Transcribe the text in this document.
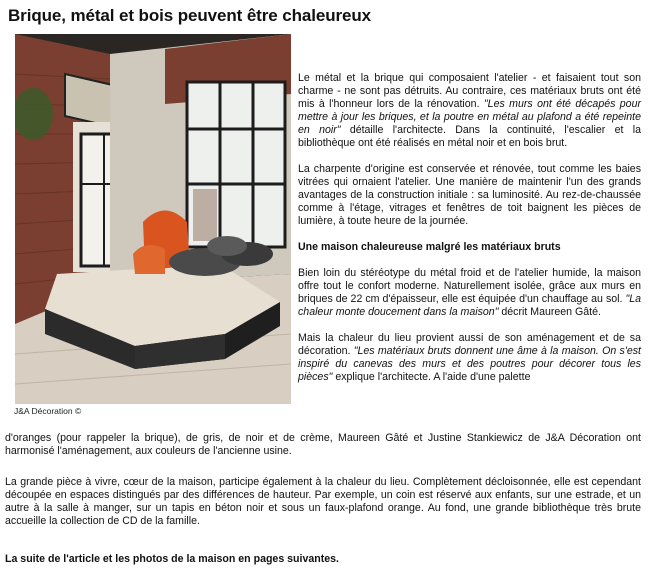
Brique, métal et bois peuvent être chaleureux
J&A Décoration ©

Le métal et la brique qui composaient l'atelier - et faisaient tout son charme - ne sont pas détruits. Au contraire, ces matériaux bruts ont été mis à l'honneur lors de la rénovation. "Les murs ont été décapés pour mettre à jour les briques, et la poutre en métal au plafond a été repeinte en noir" détaille l'architecte. Dans la continuité, l'escalier et la bibliothèque ont été réalisés en métal noir et en bois brut.

La charpente d'origine est conservée et rénovée, tout comme les baies vitrées qui ornaient l'atelier. Une manière de maintenir l'un des grands avantages de la construction initiale : sa luminosité. Au rez-de-chaussée comme à l'étage, vitrages et fenêtres de toit baignent les pièces de lumière, à toute heure de la journée.

Une maison chaleureuse malgré les matériaux bruts

Bien loin du stéréotype du métal froid et de l'atelier humide, la maison offre tout le confort moderne. Naturellement isolée, grâce aux murs en briques de 22 cm d'épaisseur, elle est équipée d'un chauffage au sol. "La chaleur monte doucement dans la maison" décrit Maureen Gâté.

Mais la chaleur du lieu provient aussi de son aménagement et de sa décoration. "Les matériaux bruts donnent une âme à la maison. On s'est inspiré du canevas des murs et des poutres pour décorer tous les pièces" explique l'architecte. A l'aide d'une palette

d'oranges (pour rappeler la brique), de gris, de noir et de crème, Maureen Gâté et Justine Stankiewicz de J&A Décoration ont harmonisé l'aménagement, aux couleurs de l'ancienne usine.
La grande pièce à vivre, cœur de la maison, participe également à la chaleur du lieu. Complètement décloisonnée, elle est cependant découpée en espaces distingués par des différences de hauteur. Par exemple, un coin est réservé aux enfants, sur une estrade, et un autre à la salle à manger, sur un tapis en béton noir et sous un faux-plafond orange. Au fond, une grande bibliothèque très brute accueille la collection de CD de la famille.
La suite de l'article et les photos de la maison en pages suivantes.
